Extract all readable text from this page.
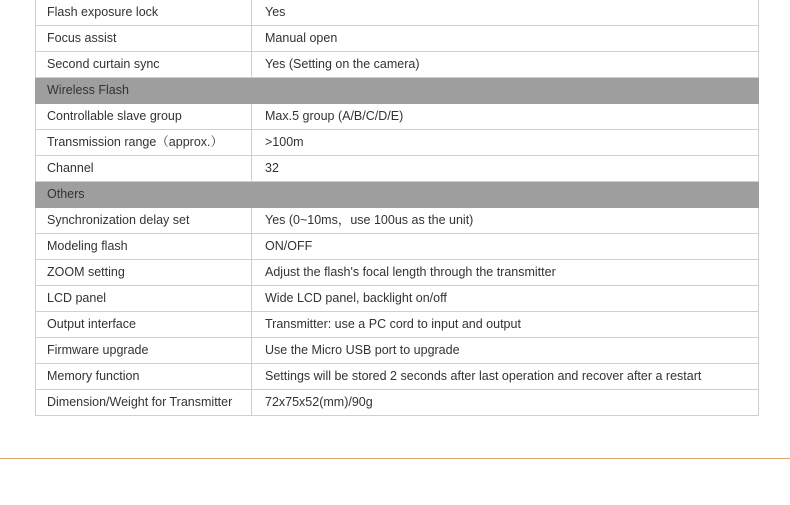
Flash exposure lock	Yes
Focus assist	Manual open
Second curtain sync	Yes (Setting on the camera)
Wireless Flash	
Controllable slave group	Max.5 group (A/B/C/D/E)
Transmission range（approx.）	>100m
Channel	32
Others	
Synchronization delay set	Yes (0~10ms，use 100us as the unit)
Modeling flash	ON/OFF
ZOOM setting	Adjust the flash's focal length through the transmitter
LCD panel	Wide LCD panel, backlight on/off
Output interface	Transmitter: use a PC cord to input and output
Firmware upgrade	Use the Micro USB port to upgrade
Memory function	Settings will be stored 2 seconds after last operation and recover after a restart
Dimension/Weight for Transmitter	72x75x52(mm)/90g
